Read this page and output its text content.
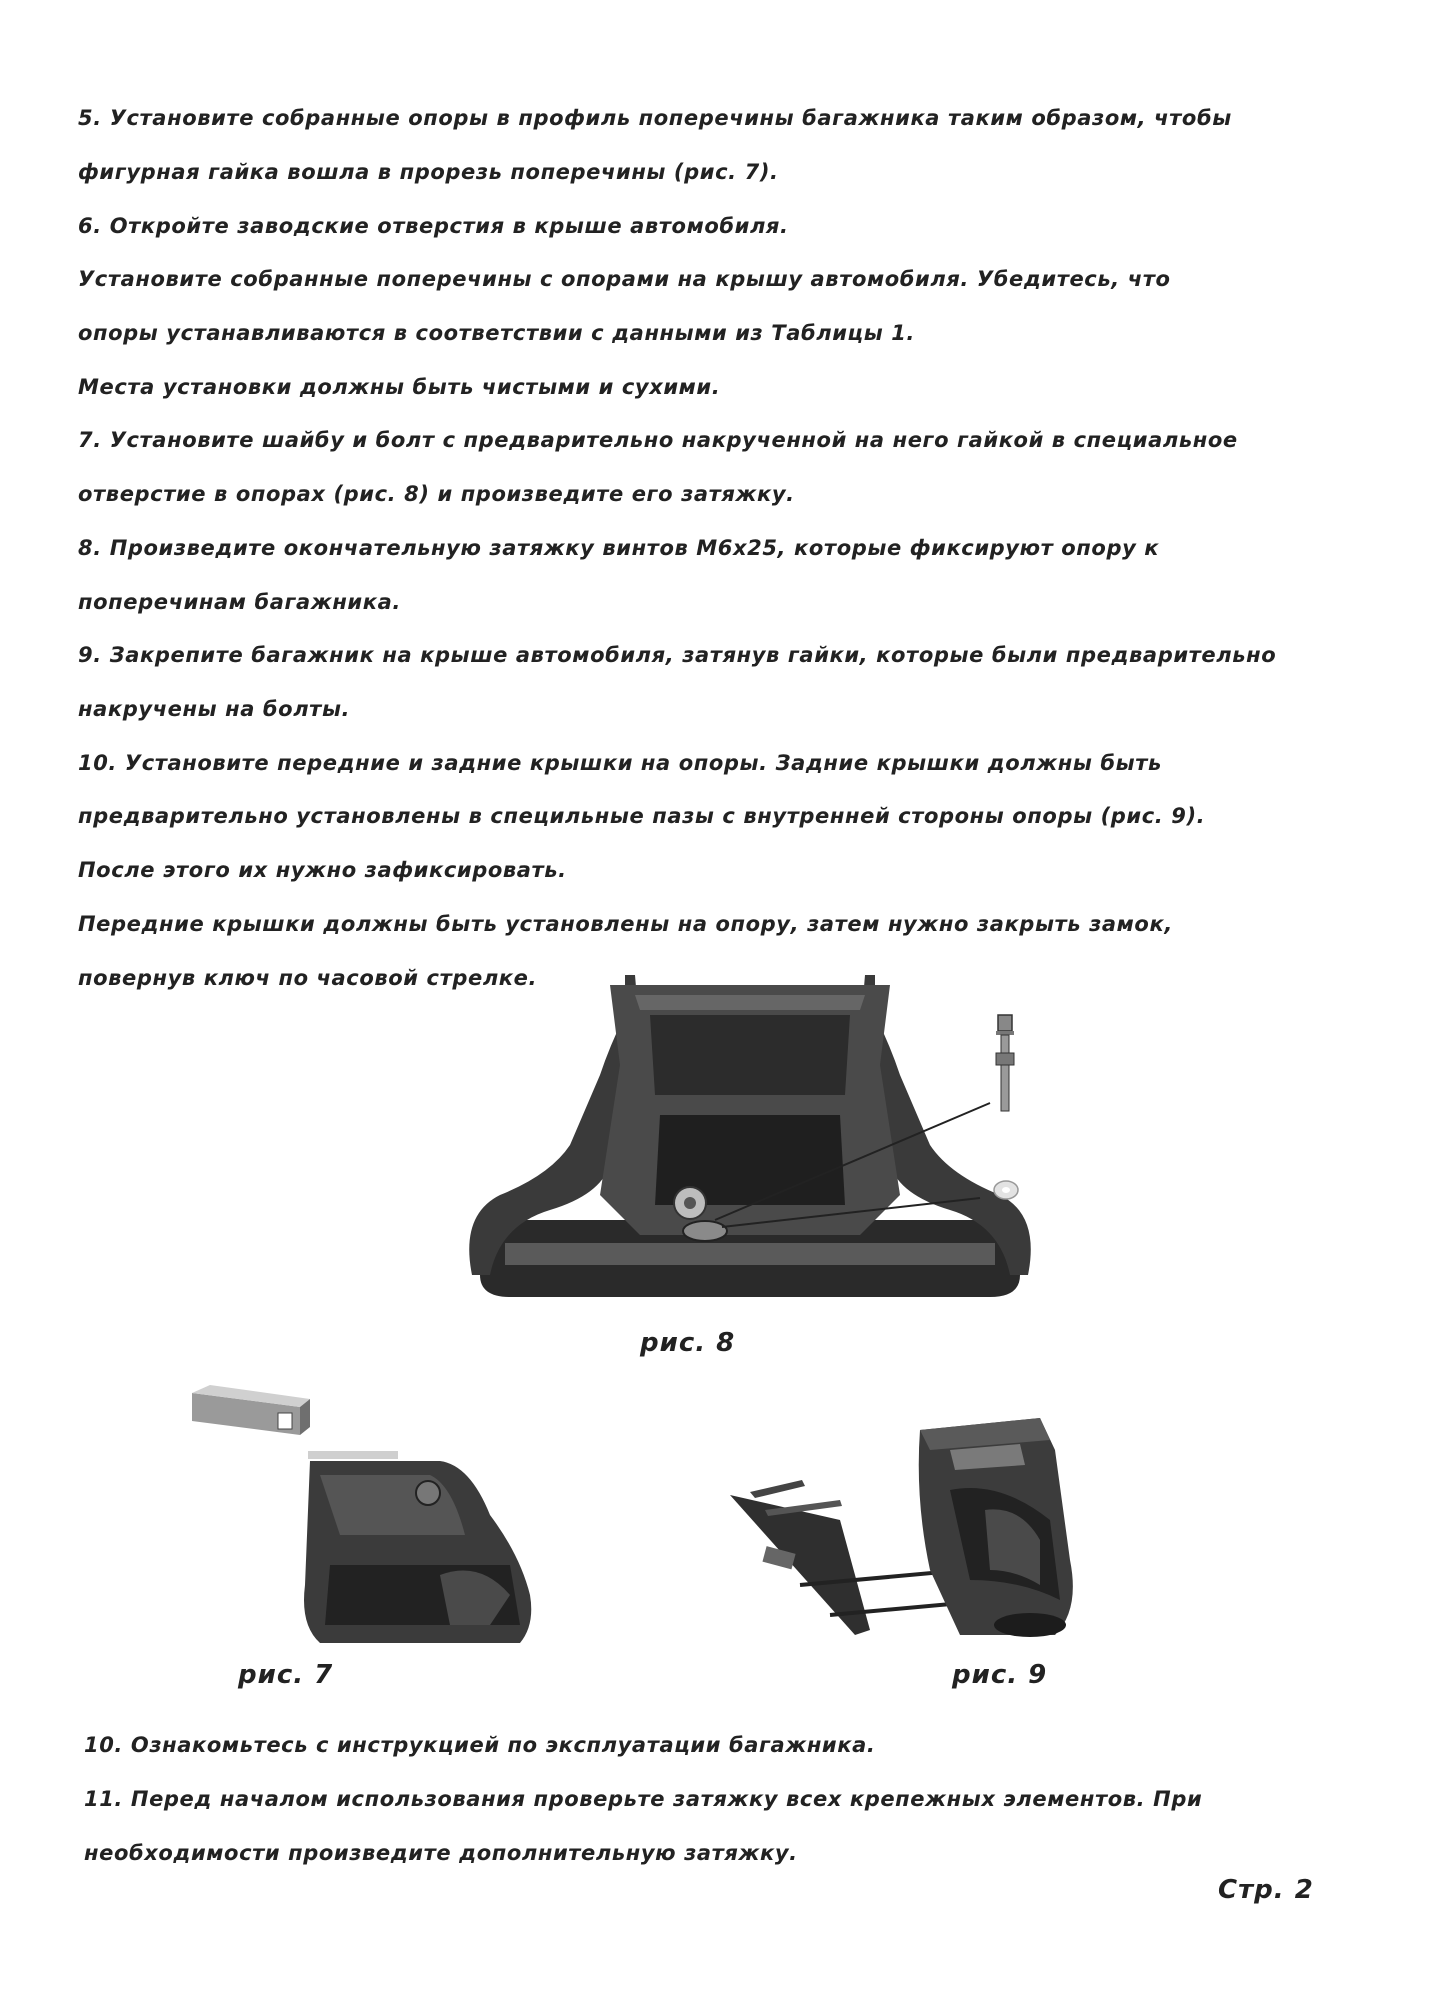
5. Установите собранные опоры в профиль поперечины багажника таким образом, чтобы

фигурная гайка вошла в прорезь поперечины (рис. 7).

6. Откройте заводские отверстия в крыше автомобиля.

Установите собранные поперечины с опорами на крышу автомобиля. Убедитесь, что

опоры устанавливаются в соответствии с данными из Таблицы 1.

Места установки должны быть чистыми и сухими.

7. Установите шайбу и болт с предварительно накрученной на него гайкой в специальное

отверстие в опорах (рис. 8) и произведите его затяжку.

8. Произведите окончательную затяжку винтов М6х25, которые фиксируют опору к

поперечинам багажника.

9. Закрепите багажник на крыше автомобиля, затянув гайки, которые были предварительно

накручены на болты.

10. Установите передние и задние крышки на опоры. Задние крышки должны быть

предварительно установлены в специльные пазы с внутренней стороны опоры (рис. 9).

После этого их нужно зафиксировать.

Передние крышки должны быть установлены на опору, затем нужно закрыть замок,

повернув ключ по часовой стрелке.

рис. 8

рис. 7	рис. 9

10. Ознакомьтесь с инструкцией по эксплуатации багажника.

11. Перед началом использования проверьте затяжку всех крепежных элементов. При

необходимости произведите дополнительную затяжку.

Стр. 2
